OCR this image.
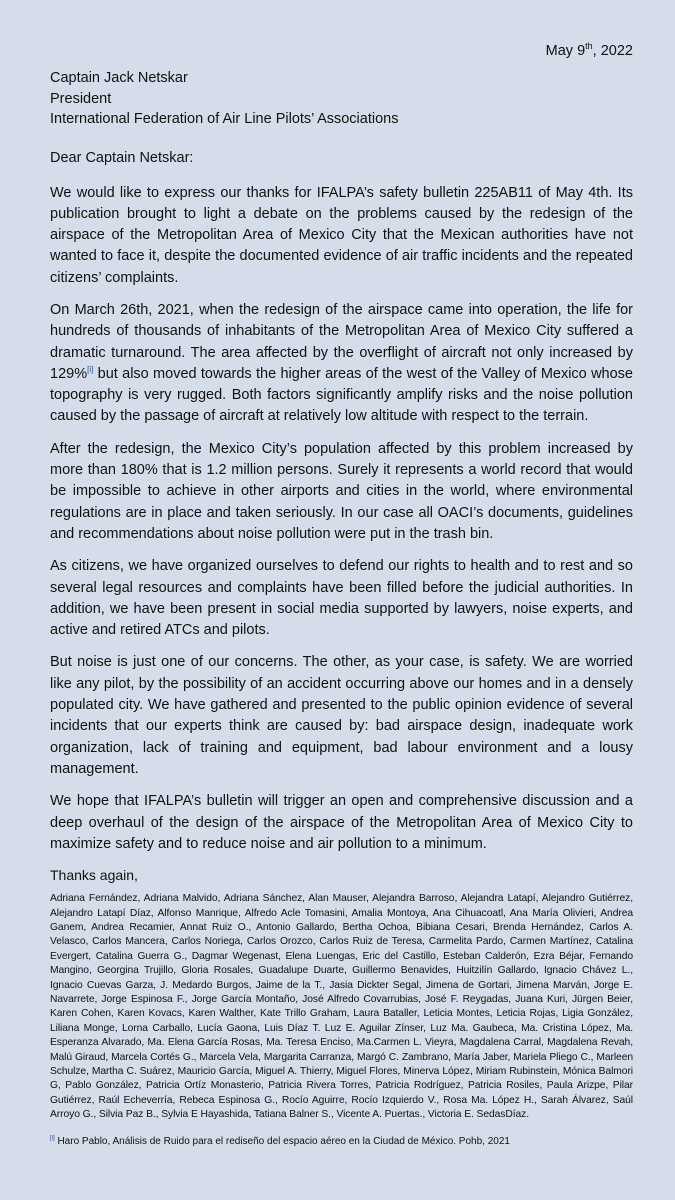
May 9th, 2022

Captain Jack Netskar

President

International Federation of Air Line Pilots’ Associations

Dear Captain Netskar:

We would like to express our thanks for IFALPA’s safety bulletin 225AB11 of May 4th. Its publication brought to light a debate on the problems caused by the redesign of the airspace of the Metropolitan Area of Mexico City that the Mexican authorities have not wanted to face it, despite the documented evidence of air traffic incidents and the repeated citizens’ complaints.

On March 26th, 2021, when the redesign of the airspace came into operation, the life for hundreds of thousands of inhabitants of the Metropolitan Area of Mexico City suffered a dramatic turnaround. The area affected by the overflight of aircraft not only increased by 129%[i] but also moved towards the higher areas of the west of the Valley of Mexico whose topography is very rugged. Both factors significantly amplify risks and the noise pollution caused by the passage of aircraft at relatively low altitude with respect to the terrain.

After the redesign, the Mexico City’s population affected by this problem increased by more than 180% that is 1.2 million persons. Surely it represents a world record that would be impossible to achieve in other airports and cities in the world, where environmental regulations are in place and taken seriously. In our case all OACI’s documents, guidelines and recommendations about noise pollution were put in the trash bin.

As citizens, we have organized ourselves to defend our rights to health and to rest and so several legal resources and complaints have been filled before the judicial authorities. In addition, we have been present in social media supported by lawyers, noise experts, and active and retired ATCs and pilots.

But noise is just one of our concerns. The other, as your case, is safety. We are worried like any pilot, by the possibility of an accident occurring above our homes and in a densely populated city. We have gathered and presented to the public opinion evidence of several incidents that our experts think are caused by: bad airspace design, inadequate work organization, lack of training and equipment, bad labour environment and a lousy management.

We hope that IFALPA’s bulletin will trigger an open and comprehensive discussion and a deep overhaul of the design of the airspace of the Metropolitan Area of Mexico City to maximize safety and to reduce noise and air pollution to a minimum.

Thanks again,

Adriana Fernández, Adriana Malvido, Adriana Sánchez, Alan Mauser, Alejandra Barroso, Alejandra Latapí, Alejandro Gutiérrez, Alejandro Latapí Díaz, Alfonso Manrique, Alfredo Acle Tomasini, Amalia Montoya, Ana Cihuacoatl, Ana María Olivieri, Andrea Ganem, Andrea Recamier, Annat Ruiz O., Antonio Gallardo, Bertha Ochoa, Bibiana Cesari, Brenda Hernández, Carlos A. Velasco, Carlos Mancera, Carlos Noriega, Carlos Orozco, Carlos Ruiz de Teresa, Carmelita Pardo, Carmen Martínez, Catalina Evergert, Catalina Guerra G., Dagmar Wegenast, Elena Luengas, Eric del Castillo, Esteban Calderón, Ezra Béjar, Fernando Mangino, Georgina Trujillo, Gloria Rosales, Guadalupe Duarte, Guillermo Benavides, Huitzilín Gallardo, Ignacio Chávez L., Ignacio Cuevas Garza, J. Medardo Burgos, Jaime de la T., Jasia Dickter Segal, Jimena de Gortari, Jimena Marván, Jorge E. Navarrete, Jorge Espinosa F., Jorge García Montaño, José Alfredo Covarrubias, José F. Reygadas, Juana Kuri, Jürgen Beier, Karen Cohen, Karen Kovacs, Karen Walther, Kate Trillo Graham, Laura Bataller, Leticia Montes, Leticia Rojas, Ligia González, Liliana Monge, Lorna Carballo, Lucía Gaona, Luis Díaz T. Luz E. Aguilar Zínser, Luz Ma. Gaubeca, Ma. Cristina López, Ma. Esperanza Alvarado, Ma. Elena García Rosas, Ma. Teresa Enciso, Ma.Carmen L. Vieyra, Magdalena Carral, Magdalena Revah, Malú Giraud, Marcela Cortés G., Marcela Vela, Margarita Carranza, Margó C. Zambrano, María Jaber, Mariela Pliego C., Marleen Schulze, Martha C. Suárez, Mauricio García, Miguel A. Thierry, Miguel Flores, Minerva López, Miriam Rubinstein, Mónica Balmori G, Pablo González, Patricia Ortíz Monasterio, Patricia Rivera Torres, Patricia Rodríguez, Patricia Rosiles, Paula Arizpe, Pilar Gutiérrez, Raúl Echeverría, Rebeca Espinosa G., Rocío Aguirre, Rocío Izquierdo V., Rosa Ma. López H., Sarah Álvarez, Saúl Arroyo G., Silvia Paz B., Sylvia E Hayashida, Tatiana Balner S., Vicente A. Puertas., Victoria E. SedasDíaz.

[i] Haro Pablo, Análisis de Ruido para el rediseño del espacio aéreo en la Ciudad de México. Pohb, 2021
